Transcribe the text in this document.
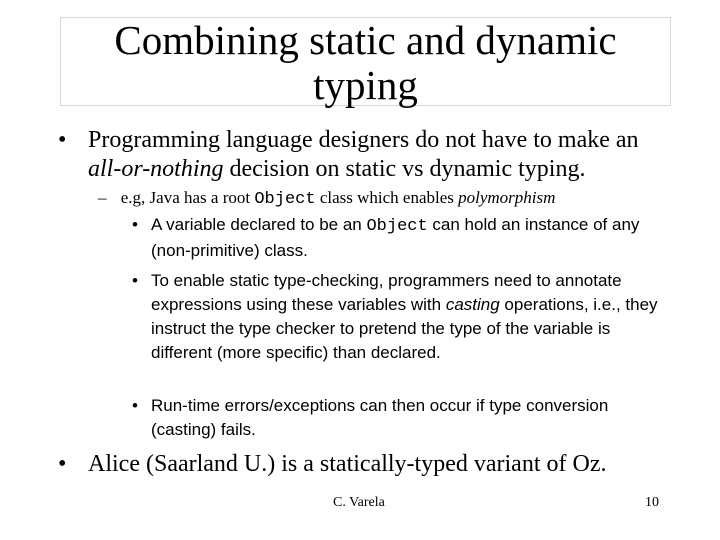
Combining static and dynamic
typing
• Programming language designers do not have to make an all-or-nothing decision on static vs dynamic typing.
– e.g, Java has a root Object class which enables polymorphism
• A variable declared to be an Object can hold an instance of any (non-primitive) class.
• To enable static type-checking, programmers need to annotate expressions using these variables with casting operations, i.e., they instruct the type checker to pretend the type of the variable is different (more specific) than declared.
• Run-time errors/exceptions can then occur if type conversion (casting) fails.
• Alice (Saarland U.) is a statically-typed variant of Oz.
C. Varela	10
